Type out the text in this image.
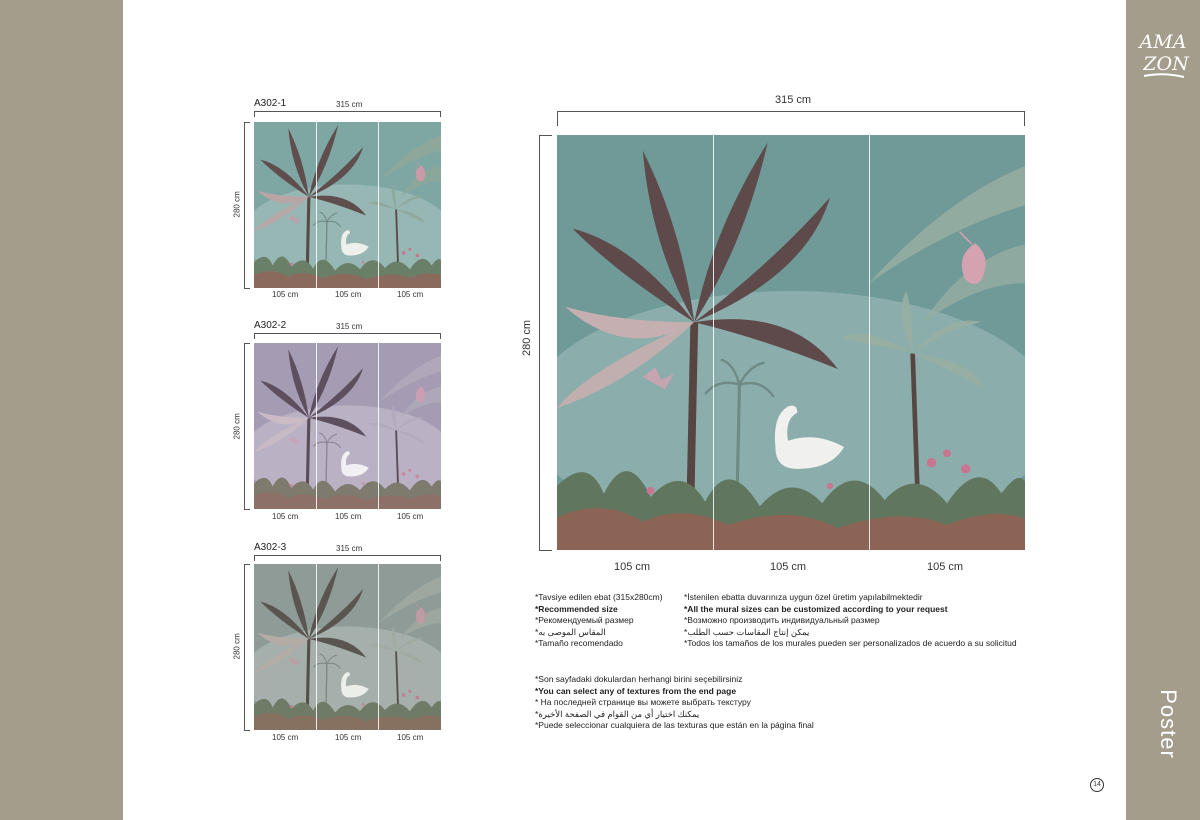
AMA
ZON
Poster
A302-1	315 cm
280 cm
105 cm	105 cm	105 cm
A302-2	315 cm
280 cm
105 cm	105 cm	105 cm
A302-3	315 cm
280 cm
105 cm	105 cm	105 cm
315 cm
280 cm
105 cm	105 cm	105 cm
*Tavsiye edilen ebat (315x280cm)
*Recommended size
*Рекомендуемый размер
*المقاس الموصى به
*Tamaño recomendado
*İstenilen ebatta duvarınıza uygun özel üretim yapılabilmektedir
*All the mural sizes can be customized according to your request
*Возможно производить индивидуальный размер
*يمكن إنتاج المقاسات حسب الطلب
*Todos los tamaños de los murales pueden ser personalizados de acuerdo a su solicitud
*Son sayfadaki dokulardan herhangi birini seçebilirsiniz
*You can select any of textures from the end page
* На последней странице вы можете выбрать текстуру
*يمكنك اختيار أي من القوام في الصفحة الأخيرة
*Puede seleccionar cualquiera de las texturas que están en la página final
14
